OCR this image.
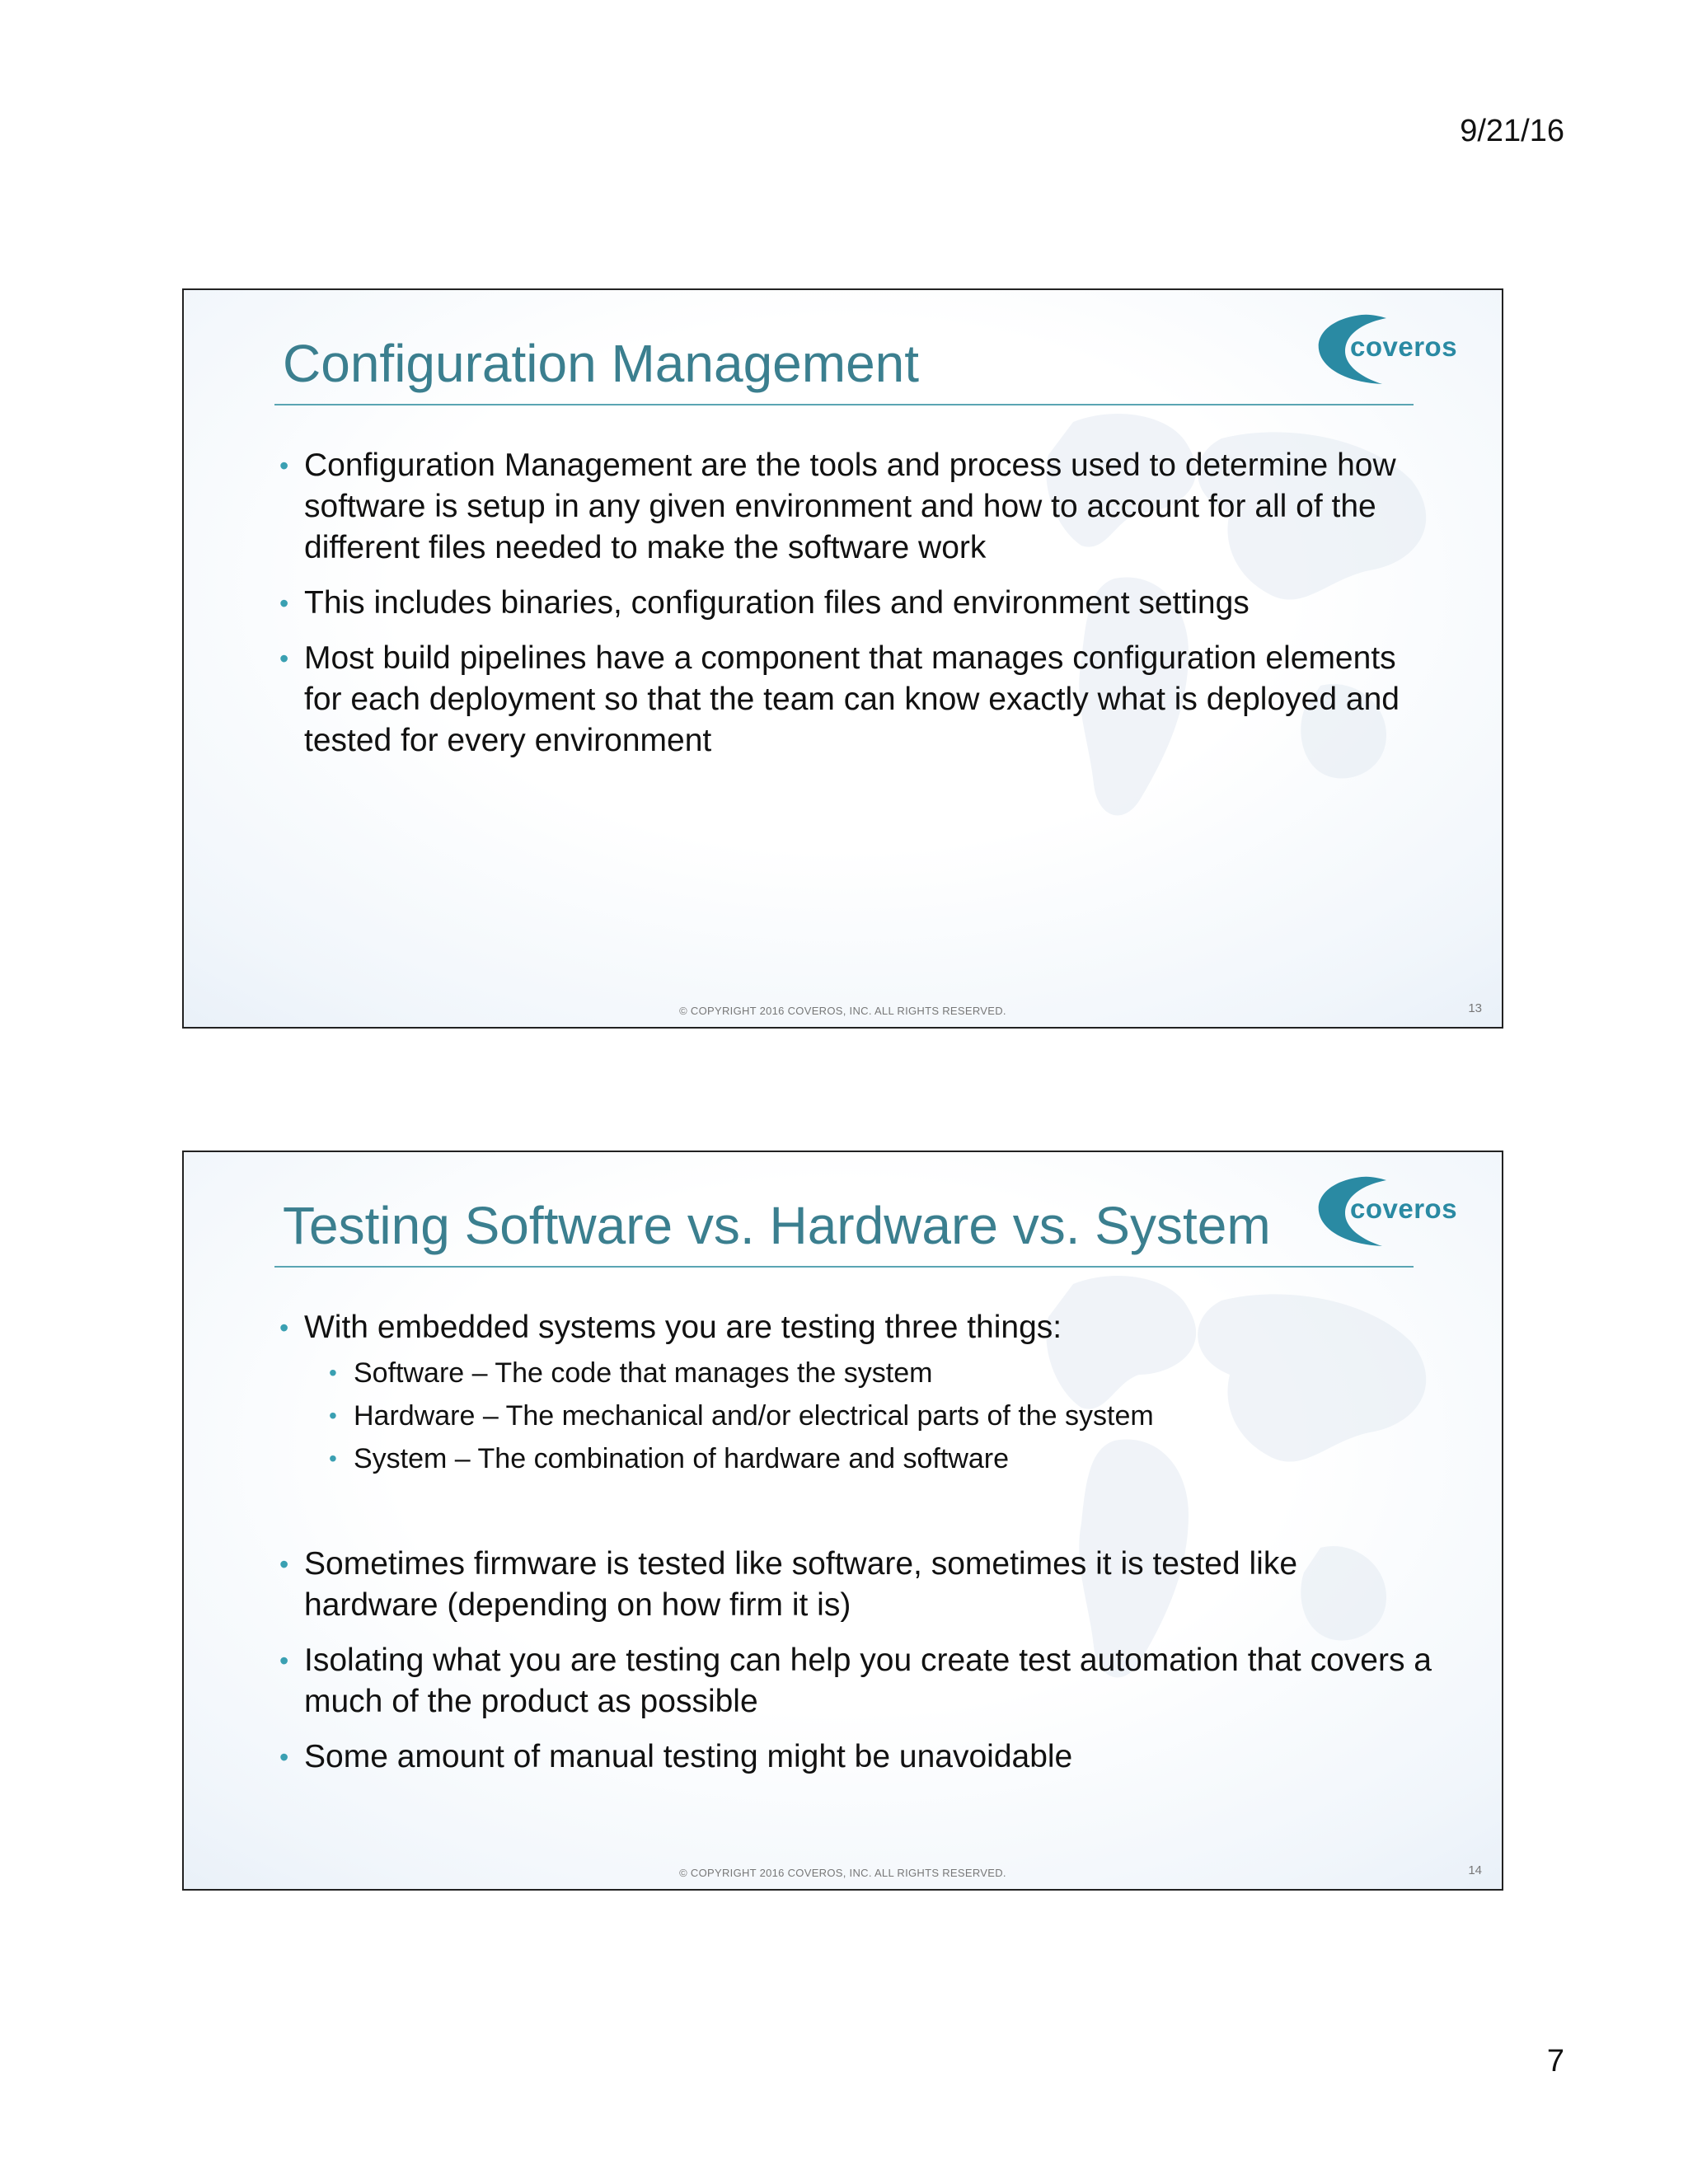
9/21/16
coveros
Configuration Management
• Configuration Management are the tools and process used to determine how software is setup in any given environment and how to account for all of the different files needed to make the software work
• This includes binaries, configuration files and environment settings
• Most build pipelines have a component that manages configuration elements for each deployment so that the team can know exactly what is deployed and tested for every environment
© COPYRIGHT 2016 COVEROS, INC. ALL RIGHTS RESERVED.	13
coveros
Testing Software vs. Hardware vs. System
• With embedded systems you are testing three things:
• Software – The code that manages the system
• Hardware – The mechanical and/or electrical parts of the system
• System – The combination of hardware and software
• Sometimes firmware is tested like software, sometimes it is tested like hardware (depending on how firm it is)
• Isolating what you are testing can help you create test automation that covers a much of the product as possible
• Some amount of manual testing might be unavoidable
© COPYRIGHT 2016 COVEROS, INC. ALL RIGHTS RESERVED.	14
7
